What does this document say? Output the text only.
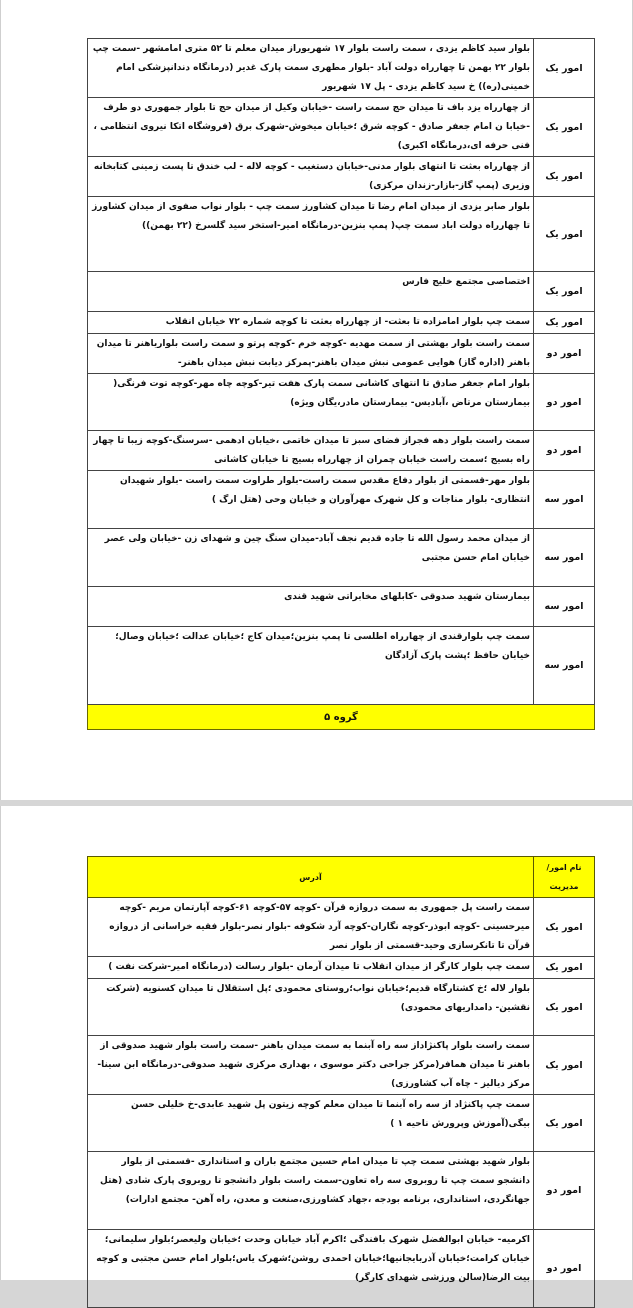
امور یک	بلوار سید کاظم یزدی ، سمت راست بلوار ۱۷ شهریوراز میدان معلم تا ۵۲ متری امامشهر -سمت چپ بلوار ۲۲ بهمن تا چهارراه دولت آباد -بلوار مطهری سمت پارک غدیر (درمانگاه دندانپزشکی امام خمینی(ره)) خ سید کاظم یزدی - پل ۱۷ شهریور
امور یک	از چهارراه یزد باف تا میدان حج سمت راست -خیابان وکیل از میدان حج تا بلوار جمهوری دو طرف -خیابا ن امام جعفر صادق - کوچه شرق ؛خیابان میخوش-شهرک برق (فروشگاه اتکا نیروی انتظامی ، فنی حرفه ای،درمانگاه اکبری)
امور یک	از چهارراه بعثت تا انتهای بلوار مدنی-خیابان دستغیب - کوچه لاله - لب خندق تا پست زمینی کتابخانه وزیری (پمپ گاز-بازار-زندان مرکزی)
امور یک	بلوار صابر یزدی از میدان امام رضا تا میدان کشاورز سمت چپ - بلوار نواب صفوی از میدان کشاورز تا چهارراه دولت اباد سمت چپ( پمپ بنزین-درمانگاه امیر-استخر سید گلسرخ (۲۲ بهمن))
امور یک	اختصاصی مجتمع خلیج فارس
امور یک	سمت چپ بلوار امامزاده تا بعثت- از چهارراه بعثت تا کوچه شماره ۷۲ خیابان انقلاب
امور دو	سمت راست بلوار بهشتی از سمت مهدیه -کوچه خرم -کوچه پرتو و سمت راست بلواریاهنر تا میدان باهنر (اداره گاز) هوایی عمومی نبش میدان باهنر-پمرکز دیابت نبش میدان باهنر-
امور دو	بلوار امام جعفر صادق تا انتهای کاشانی سمت پارک هفت تیر-کوچه چاه مهر-کوچه توت فرنگی( بیمارستان مرتاض ،آبادیس- بیمارستان مادر،یگان ویژه)
امور دو	سمت راست بلوار دهه فجراز فضای سبز تا میدان خاتمی ،خیابان ادهمی -سرسنگ-کوچه زیبا تا چهار راه بسیج ؛سمت راست خیابان چمران از چهارراه بسیج تا خیابان کاشانی
امور سه	بلوار مهر-قسمتی از بلوار دفاع مقدس سمت راست-بلوار طراوت سمت راست -بلوار شهیدان انتظاری- بلوار مناجات و کل شهرک مهرآوران و خیابان وحی (هتل ارگ )
امور سه	از میدان محمد رسول الله تا جاده قدیم نجف آباد-میدان سنگ چین و شهدای زن -خیابان ولی عصر خیابان امام حسن مجتبی
امور سه	بیمارستان شهید صدوقی -کابلهای مخابراتی شهید قندی
امور سه	سمت چپ بلوارقندی از چهارراه اطلسی تا پمپ بنزین؛میدان کاج ؛خیابان عدالت ؛خیابان وصال؛خیابان حافظ ؛پشت پارک آزادگان
گروه ۵	
نام امور/مدیریت	آدرس
امور یک	سمت راست پل جمهوری به سمت دروازه قرآن -کوچه ۵۷-کوچه ۶۱-کوچه آپارتمان مریم -کوچه میرحسینی -کوچه ابوذر-کوچه نگاران-کوچه آرد شکوفه -بلوار نصر-بلوار فقیه خراسانی از دروازه قرآن تا تانکرسازی وحید-قسمتی از بلوار نصر
امور یک	سمت چپ بلوار کارگر از میدان انقلاب تا میدان آرمان -بلوار رسالت (درمانگاه امیر-شرکت نفت )
امور یک	بلوار لاله ؛خ کشتارگاه قدیم؛خیابان نواب؛روستای محمودی ؛پل استقلال تا میدان کسنویه (شرکت نقشین- دامداریهای محمودی)
امور یک	سمت راست بلوار پاکنژاداز سه راه آبنما به سمت میدان باهنر -سمت راست بلوار شهید صدوقی از باهنر تا میدان همافر(مرکز جراحی دکتر موسوی ، بهداری مرکزی شهید صدوقی-درمانگاه ابن سینا-مرکز دیالیز - چاه آب کشاورزی)
امور یک	سمت چپ پاکنژاد از سه راه آبنما تا میدان معلم کوچه زیتون پل شهید عابدی-خ خلیلی حسن بیگی(آموزش وپرورش ناحیه ۱ )
امور دو	بلوار شهید بهشتی سمت چپ تا میدان امام حسین مجتمع باران و استانداری -قسمتی از بلوار دانشجو سمت چپ تا روبروی سه راه تعاون-سمت راست بلوار دانشجو تا روبروی پارک شادی (هتل جهانگردی، استانداری، برنامه بودجه ،جهاد کشاورزی،صنعت و معدن، راه آهن- مجتمع ادارات)
امور دو	اکرمیه- خیابان ابوالفضل شهرک بافندگی ؛اکرم آباد خیابان وحدت ؛خیابان ولیعصر؛بلوار سلیمانی؛ خیابان کرامت؛خیابان آذربایجانیها؛خیابان احمدی روشن؛شهرک یاس؛بلوار امام حسن مجتبی و کوچه بیت الرضا(سالن ورزشی شهدای کارگر)
